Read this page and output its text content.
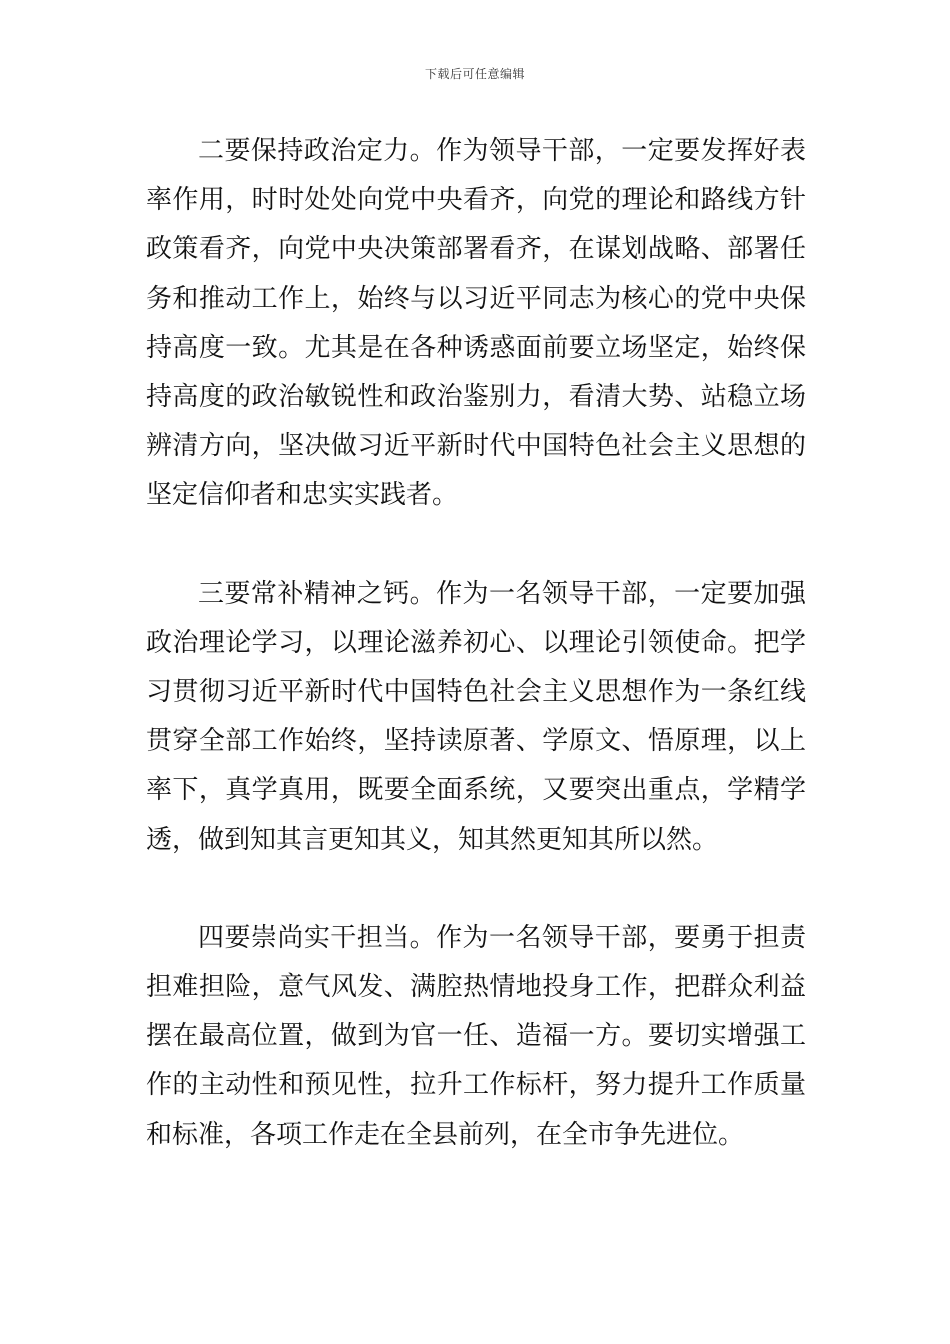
下载后可任意编辑

二要保持政治定力。作为领导干部，一定要发挥好表率作用，时时处处向党中央看齐，向党的理论和路线方针政策看齐，向党中央决策部署看齐，在谋划战略、部署任务和推动工作上，始终与以习近平同志为核心的党中央保持高度一致。尤其是在各种诱惑面前要立场坚定，始终保持高度的政治敏锐性和政治鉴别力，看清大势、站稳立场辨清方向，坚决做习近平新时代中国特色社会主义思想的坚定信仰者和忠实实践者。

三要常补精神之钙。作为一名领导干部，一定要加强政治理论学习，以理论滋养初心、以理论引领使命。把学习贯彻习近平新时代中国特色社会主义思想作为一条红线贯穿全部工作始终，坚持读原著、学原文、悟原理，以上率下，真学真用，既要全面系统，又要突出重点，学精学透，做到知其言更知其义，知其然更知其所以然。

四要崇尚实干担当。作为一名领导干部，要勇于担责担难担险，意气风发、满腔热情地投身工作，把群众利益摆在最高位置，做到为官一任、造福一方。要切实增强工作的主动性和预见性，拉升工作标杆，努力提升工作质量和标准，各项工作走在全县前列，在全市争先进位。
